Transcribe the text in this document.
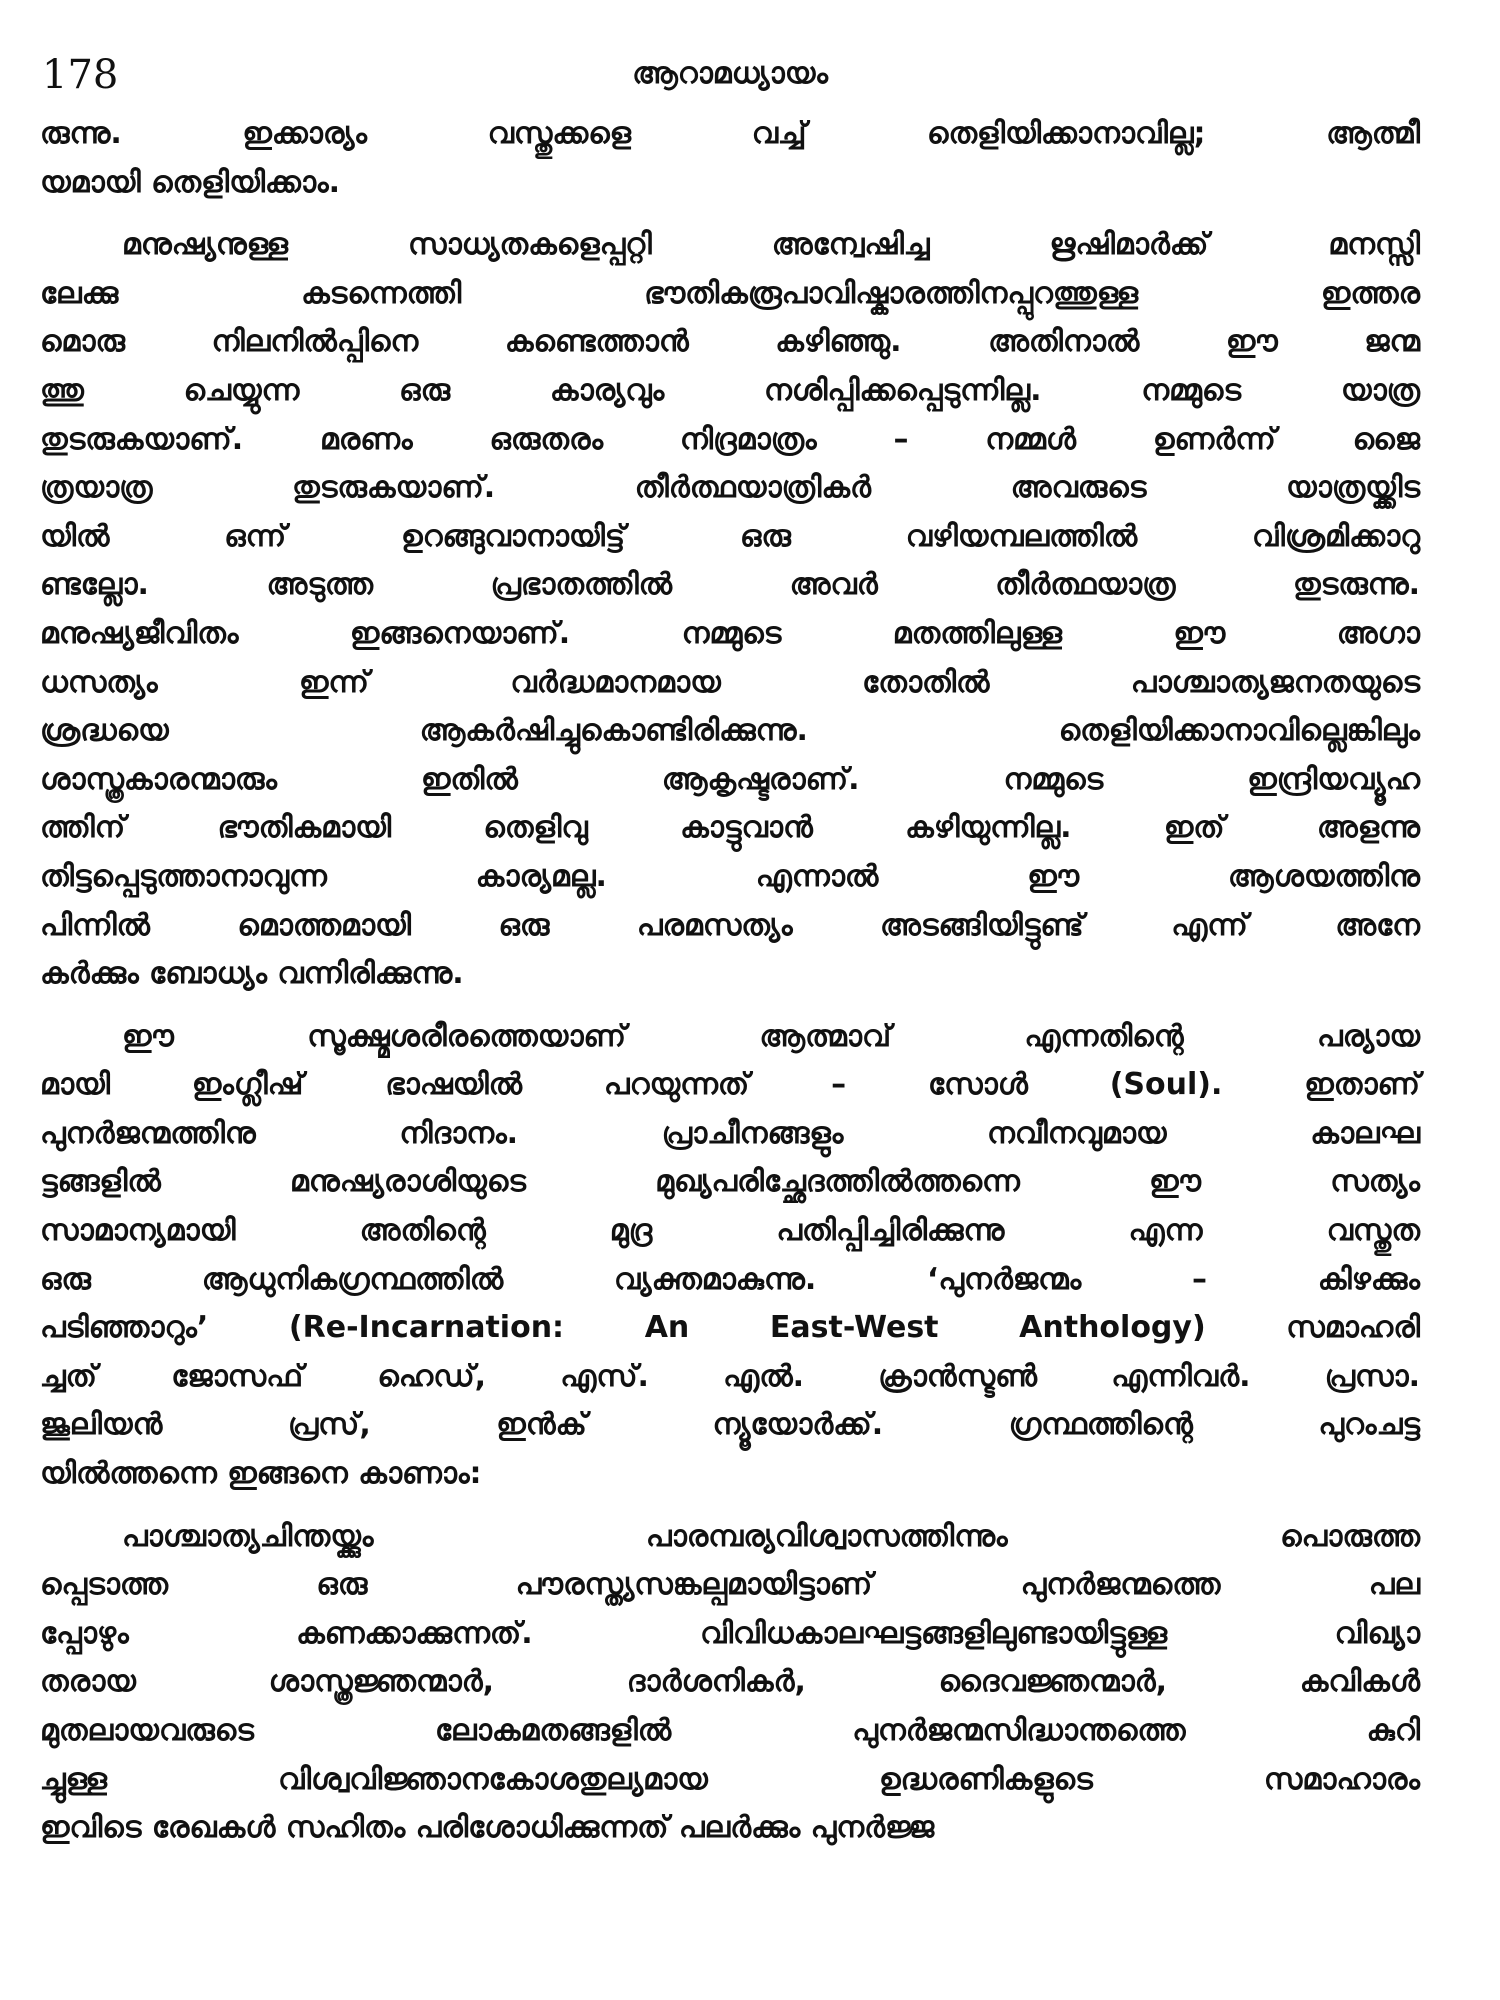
178	ആറാമധ്യായം
രുന്നു. ഇക്കാര്യം വസ്തുക്കളെ വച്ച് തെളിയിക്കാനാവില്ല; ആത്മീ
യമായി തെളിയിക്കാം.
മനുഷ്യനുള്ള സാധ്യതകളെപ്പറ്റി അന്വേഷിച്ച ഋഷിമാർക്ക് മനസ്സി
ലേക്കു കടന്നെത്തി ഭൗതികരൂപാവിഷ്കാരത്തിനപ്പുറത്തുള്ള ഇത്തര
മൊരു നിലനിൽപ്പിനെ കണ്ടെത്താൻ കഴിഞ്ഞു. അതിനാൽ ഈ ജന്മ
ത്തു ചെയ്യുന്ന ഒരു കാര്യവും നശിപ്പിക്കപ്പെടുന്നില്ല. നമ്മുടെ യാത്ര
തുടരുകയാണ്. മരണം ഒരുതരം നിദ്രമാത്രം – നമ്മൾ ഉണർന്ന് ജൈ
ത്രയാത്ര തുടരുകയാണ്. തീർത്ഥയാത്രികർ അവരുടെ യാത്രയ്ക്കിട
യിൽ ഒന്ന് ഉറങ്ങുവാനായിട്ട് ഒരു വഴിയമ്പലത്തിൽ വിശ്രമിക്കാറു
ണ്ടല്ലോ. അടുത്ത പ്രഭാതത്തിൽ അവർ തീർത്ഥയാത്ര തുടരുന്നു.
മനുഷ്യജീവിതം ഇങ്ങനെയാണ്. നമ്മുടെ മതത്തിലുള്ള ഈ അഗാ
ധസത്യം ഇന്ന് വർദ്ധമാനമായ തോതിൽ പാശ്ചാത്യജനതയുടെ
ശ്രദ്ധയെ ആകർഷിച്ചുകൊണ്ടിരിക്കുന്നു. തെളിയിക്കാനാവില്ലെങ്കിലും
ശാസ്ത്രകാരന്മാരും ഇതിൽ ആകൃഷ്ടരാണ്. നമ്മുടെ ഇന്ദ്രിയവ്യൂഹ
ത്തിന് ഭൗതികമായി തെളിവു കാട്ടുവാൻ കഴിയുന്നില്ല. ഇത് അളന്നു
തിട്ടപ്പെടുത്താനാവുന്ന കാര്യമല്ല. എന്നാൽ ഈ ആശയത്തിനു
പിന്നിൽ മൊത്തമായി ഒരു പരമസത്യം അടങ്ങിയിട്ടുണ്ട് എന്ന് അനേ
കർക്കും ബോധ്യം വന്നിരിക്കുന്നു.
ഈ സൂക്ഷ്മശരീരത്തെയാണ് ആത്മാവ് എന്നതിന്റെ പര്യായ
മായി ഇംഗ്ലീഷ് ഭാഷയിൽ പറയുന്നത് – സോൾ (Soul). ഇതാണ്
പുനർജന്മത്തിനു നിദാനം. പ്രാചീനങ്ങളും നവീനവുമായ കാലഘ
ട്ടങ്ങളിൽ മനുഷ്യരാശിയുടെ മുഖ്യപരിച്ഛേദത്തിൽത്തന്നെ ഈ സത്യം
സാമാന്യമായി അതിന്റെ മുദ്ര പതിപ്പിച്ചിരിക്കുന്നു എന്ന വസ്തുത
ഒരു ആധുനികഗ്രന്ഥത്തിൽ വ്യക്തമാകുന്നു. ‘പുനർജന്മം – കിഴക്കും
പടിഞ്ഞാറും’ (Re-Incarnation: An East-West Anthology) സമാഹരി
ച്ചത് ജോസഫ് ഹെഡ്, എസ്. എൽ. ക്രാൻസ്ടൺ എന്നിവർ. പ്രസാ.
ജൂലിയൻ പ്രസ്, ഇൻക് ന്യൂയോർക്ക്. ഗ്രന്ഥത്തിന്റെ പുറംചട്ട
യിൽത്തന്നെ ഇങ്ങനെ കാണാം:
പാശ്ചാത്യചിന്തയ്ക്കും പാരമ്പര്യവിശ്വാസത്തിന്നും പൊരുത്ത
പ്പെടാത്ത ഒരു പൗരസ്ത്യസങ്കല്പമായിട്ടാണ് പുനർജന്മത്തെ പല
പ്പോഴും കണക്കാക്കുന്നത്. വിവിധകാലഘട്ടങ്ങളിലുണ്ടായിട്ടുള്ള വിഖ്യാ
തരായ ശാസ്ത്രജ്ഞന്മാർ, ദാർശനികർ, ദൈവജ്ഞന്മാർ, കവികൾ
മുതലായവരുടെ ലോകമതങ്ങളിൽ പുനർജന്മസിദ്ധാന്തത്തെ കുറി
ച്ചുള്ള വിശ്വവിജ്ഞാനകോശതുല്യമായ ഉദ്ധരണികളുടെ സമാഹാരം
ഇവിടെ രേഖകൾ സഹിതം പരിശോധിക്കുന്നത് പലർക്കും പുനർജ്ജ
